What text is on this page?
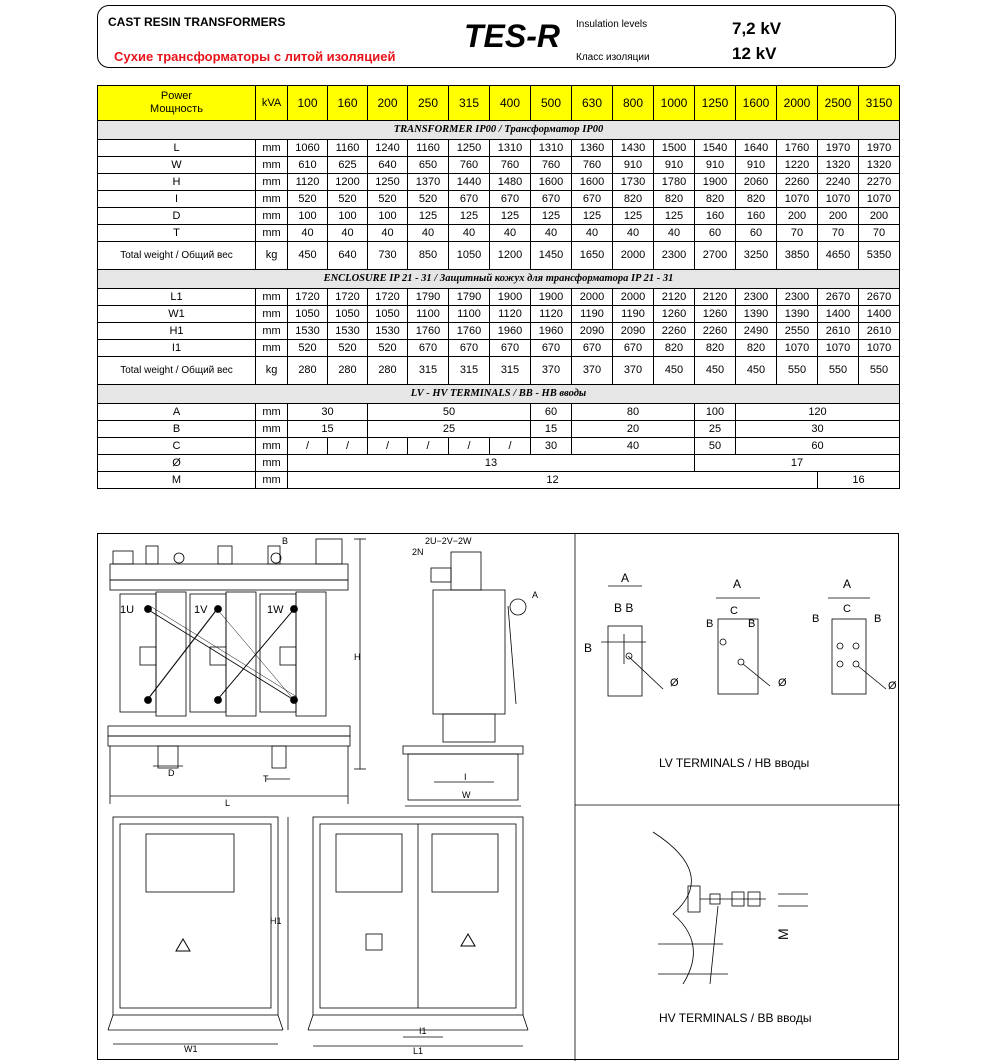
CAST RESIN TRANSFORMERS
Сухие трансформаторы с литой изоляцией
TES-R Insulation levels
Класс изоляции
7,2 kV
12 kV
Power
Мощность	kVA	100	160	200	250	315	400	500	630	800	1000	1250	1600	2000	2500	3150
TRANSFORMER IP00 / Трансформатор IP00																
L	mm	1060	1160	1240	1160	1250	1310	1310	1360	1430	1500	1540	1640	1760	1970	1970
W	mm	610	625	640	650	760	760	760	760	910	910	910	910	1220	1320	1320
H	mm	1120	1200	1250	1370	1440	1480	1600	1600	1730	1780	1900	2060	2260	2240	2270
I	mm	520	520	520	520	670	670	670	670	820	820	820	820	1070	1070	1070
D	mm	100	100	100	125	125	125	125	125	125	125	160	160	200	200	200
T	mm	40	40	40	40	40	40	40	40	40	40	60	60	70	70	70
Total weight / Общий вес	kg	450	640	730	850	1050	1200	1450	1650	2000	2300	2700	3250	3850	4650	5350
ENCLOSURE IP 21 - 31 / Защитный кожух для трансформатора IP 21 - 31																
L1	mm	1720	1720	1720	1790	1790	1900	1900	2000	2000	2120	2120	2300	2300	2670	2670
W1	mm	1050	1050	1050	1100	1100	1120	1120	1190	1190	1260	1260	1390	1390	1400	1400
H1	mm	1530	1530	1530	1760	1760	1960	1960	2090	2090	2260	2260	2490	2550	2610	2610
I1	mm	520	520	520	670	670	670	670	670	670	820	820	820	1070	1070	1070
Total weight / Общий вес	kg	280	280	280	315	315	315	370	370	370	450	450	450	550	550	550
LV - HV TERMINALS / ВВ - НВ вводы																
A	mm	30		50				60	80			100	120			
B	mm	15		25				15	20			25	30			
C	mm	/	/	/	/	/	/	30	40			50	60			
Ø	mm	13										17				
M	mm	12													16	
1U	1V	1W
L
D
T
H
B	2U−2V−2W
2N
A
I
W
A
B B
B
Ø
A
C
B	B
Ø
A
C
B	B
Ø
M
W1
H1
I1
L1
LV TERMINALS / НВ вводы
HV TERMINALS / ВВ вводы
